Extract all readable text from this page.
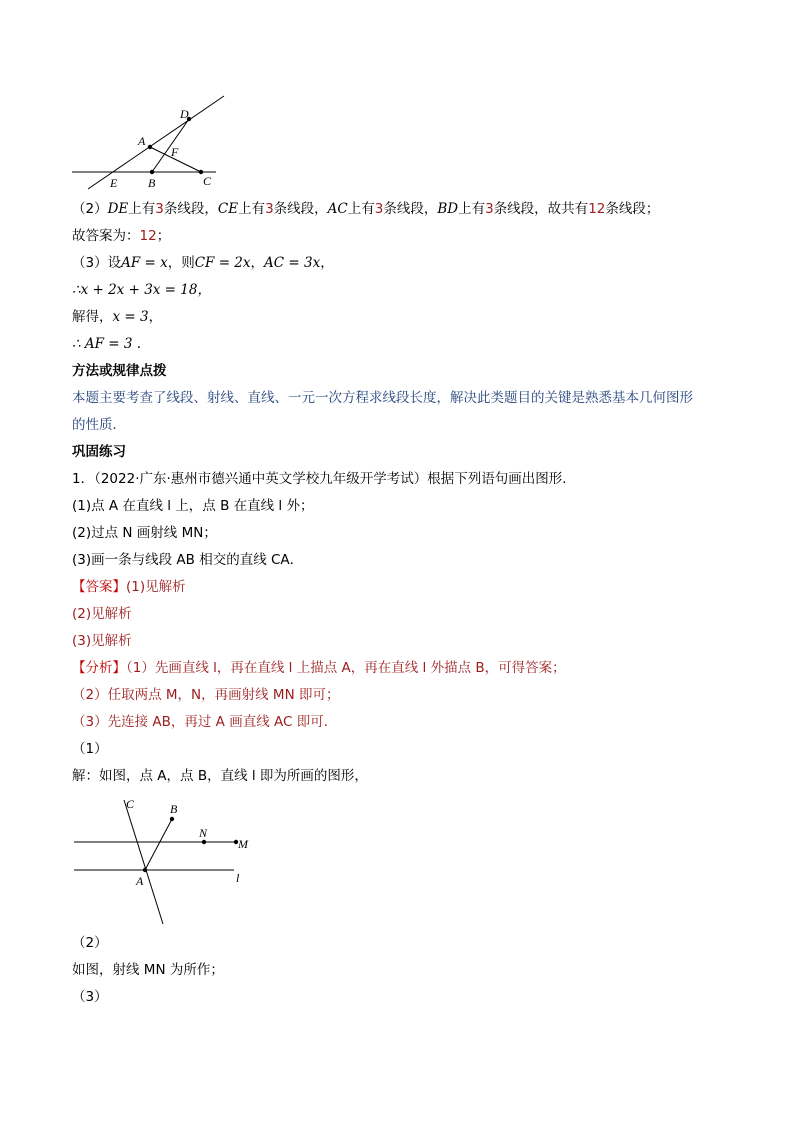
D
A
F
E	B	C
（2）DE上有3条线段，CE上有3条线段，AC上有3条线段，BD上有3条线段，故共有12条线段；
故答案为：12；
（3）设AF = x，则CF = 2x，AC = 3x，
∴x + 2x + 3x = 18，
解得，x = 3，
∴ AF = 3 .
方法或规律点拨
本题主要考查了线段、射线、直线、一元一次方程求线段长度，解决此类题目的关键是熟悉基本几何图形
的性质．
巩固练习
1．（2022·广东·惠州市德兴通中英文学校九年级开学考试）根据下列语句画出图形．
(1)点 A 在直线 l 上，点 B 在直线 l 外；
(2)过点 N 画射线 MN；
(3)画一条与线段 AB 相交的直线 CA．
【答案】(1)见解析
(2)见解析
(3)见解析
【分析】（1）先画直线 l，再在直线 l 上描点 A，再在直线 l 外描点 B，可得答案；
（2）任取两点 M，N，再画射线 MN 即可；
（3）先连接 AB，再过 A 画直线 AC 即可．
（1）
解：如图，点 A，点 B，直线 l 即为所画的图形，
C	B
N
M
A	l
（2）
如图，射线 MN 为所作；
（3）
